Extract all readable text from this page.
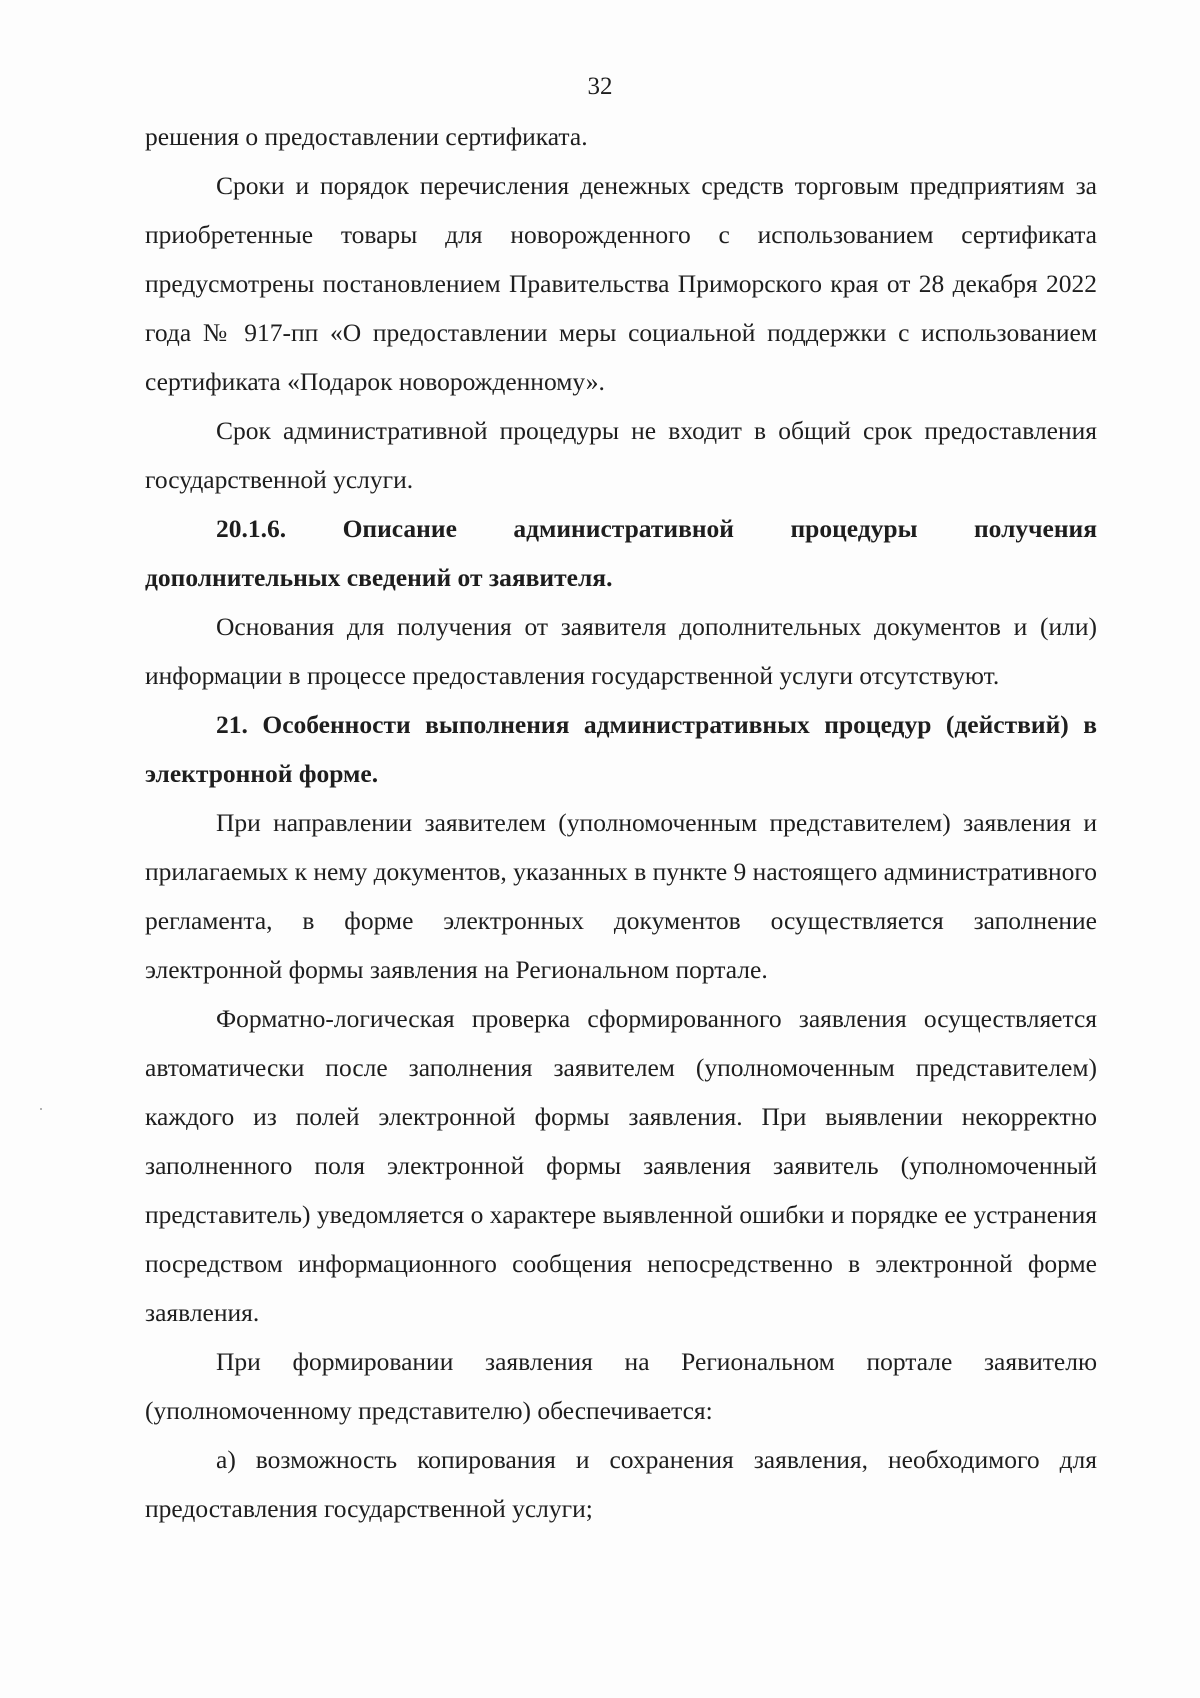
32

решения о предоставлении сертификата.

Сроки и порядок перечисления денежных средств торговым предприятиям за приобретенные товары для новорожденного с использованием сертификата предусмотрены постановлением Правительства Приморского края от 28 декабря 2022 года № 917-пп «О предоставлении меры социальной поддержки с использованием сертификата «Подарок новорожденному».

Срок административной процедуры не входит в общий срок предоставления государственной услуги.

20.1.6. Описание административной процедуры получения дополнительных сведений от заявителя.

Основания для получения от заявителя дополнительных документов и (или) информации в процессе предоставления государственной услуги отсутствуют.

21. Особенности выполнения административных процедур (действий) в электронной форме.

При направлении заявителем (уполномоченным представителем) заявления и прилагаемых к нему документов, указанных в пункте 9 настоящего административного регламента, в форме электронных документов осуществляется заполнение электронной формы заявления на Региональном портале.

Форматно-логическая проверка сформированного заявления осуществляется автоматически после заполнения заявителем (уполномоченным представителем) каждого из полей электронной формы заявления. При выявлении некорректно заполненного поля электронной формы заявления заявитель (уполномоченный представитель) уведомляется о характере выявленной ошибки и порядке ее устранения посредством информационного сообщения непосредственно в электронной форме заявления.

При формировании заявления на Региональном портале заявителю (уполномоченному представителю) обеспечивается:

а) возможность копирования и сохранения заявления, необходимого для предоставления государственной услуги;
